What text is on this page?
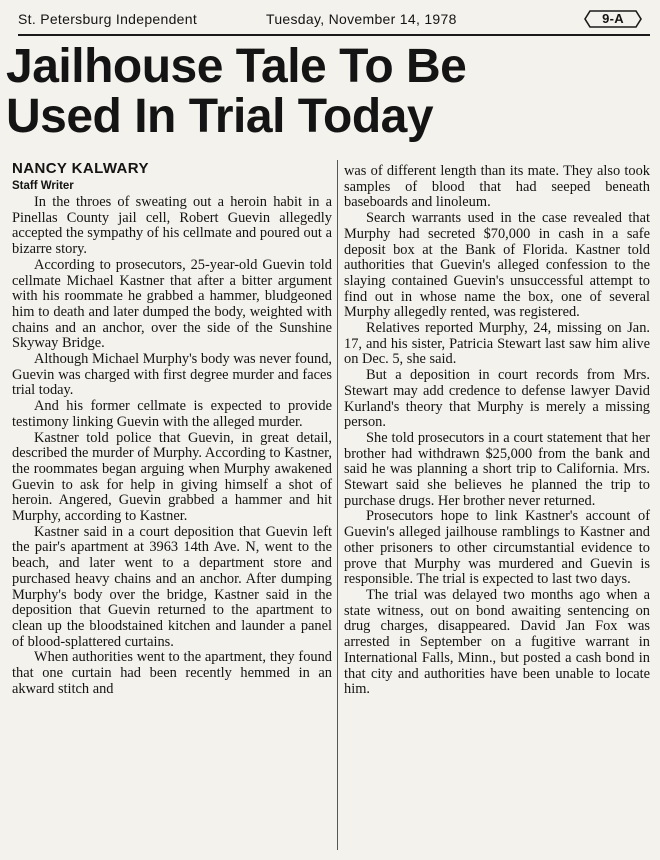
St. Petersburg Independent	Tuesday, November 14, 1978	9-A
Jailhouse Tale To Be
Used In Trial Today
NANCY KALWARY
Staff Writer

In the throes of sweating out a heroin habit in a Pinellas County jail cell, Robert Guevin allegedly accepted the sympathy of his cellmate and poured out a bizarre story.

According to prosecutors, 25-year-old Guevin told cellmate Michael Kastner that after a bitter argument with his roommate he grabbed a hammer, bludgeoned him to death and later dumped the body, weighted with chains and an anchor, over the side of the Sunshine Skyway Bridge.

Although Michael Murphy's body was never found, Guevin was charged with first degree murder and faces trial today.

And his former cellmate is expected to provide testimony linking Guevin with the alleged murder.

Kastner told police that Guevin, in great detail, described the murder of Murphy. According to Kastner, the roommates began arguing when Murphy awakened Guevin to ask for help in giving himself a shot of heroin. Angered, Guevin grabbed a hammer and hit Murphy, according to Kastner.

Kastner said in a court deposition that Guevin left the pair's apartment at 3963 14th Ave. N, went to the beach, and later went to a department store and purchased heavy chains and an anchor. After dumping Murphy's body over the bridge, Kastner said in the deposition that Guevin returned to the apartment to clean up the bloodstained kitchen and launder a panel of blood-splattered curtains.

When authorities went to the apartment, they found that one curtain had been recently hemmed in an akward stitch and

was of different length than its mate. They also took samples of blood that had seeped beneath baseboards and linoleum.

Search warrants used in the case revealed that Murphy had secreted $70,000 in cash in a safe deposit box at the Bank of Florida. Kastner told authorities that Guevin's alleged confession to the slaying contained Guevin's unsuccessful attempt to find out in whose name the box, one of several Murphy allegedly rented, was registered.

Relatives reported Murphy, 24, missing on Jan. 17, and his sister, Patricia Stewart last saw him alive on Dec. 5, she said.

But a deposition in court records from Mrs. Stewart may add credence to defense lawyer David Kurland's theory that Murphy is merely a missing person.

She told prosecutors in a court statement that her brother had withdrawn $25,000 from the bank and said he was planning a short trip to California. Mrs. Stewart said she believes he planned the trip to purchase drugs. Her brother never returned.

Prosecutors hope to link Kastner's account of Guevin's alleged jailhouse ramblings to Kastner and other prisoners to other circumstantial evidence to prove that Murphy was murdered and Guevin is responsible. The trial is expected to last two days.

The trial was delayed two months ago when a state witness, out on bond awaiting sentencing on drug charges, disappeared. David Jan Fox was arrested in September on a fugitive warrant in International Falls, Minn., but posted a cash bond in that city and authorities have been unable to locate him.
